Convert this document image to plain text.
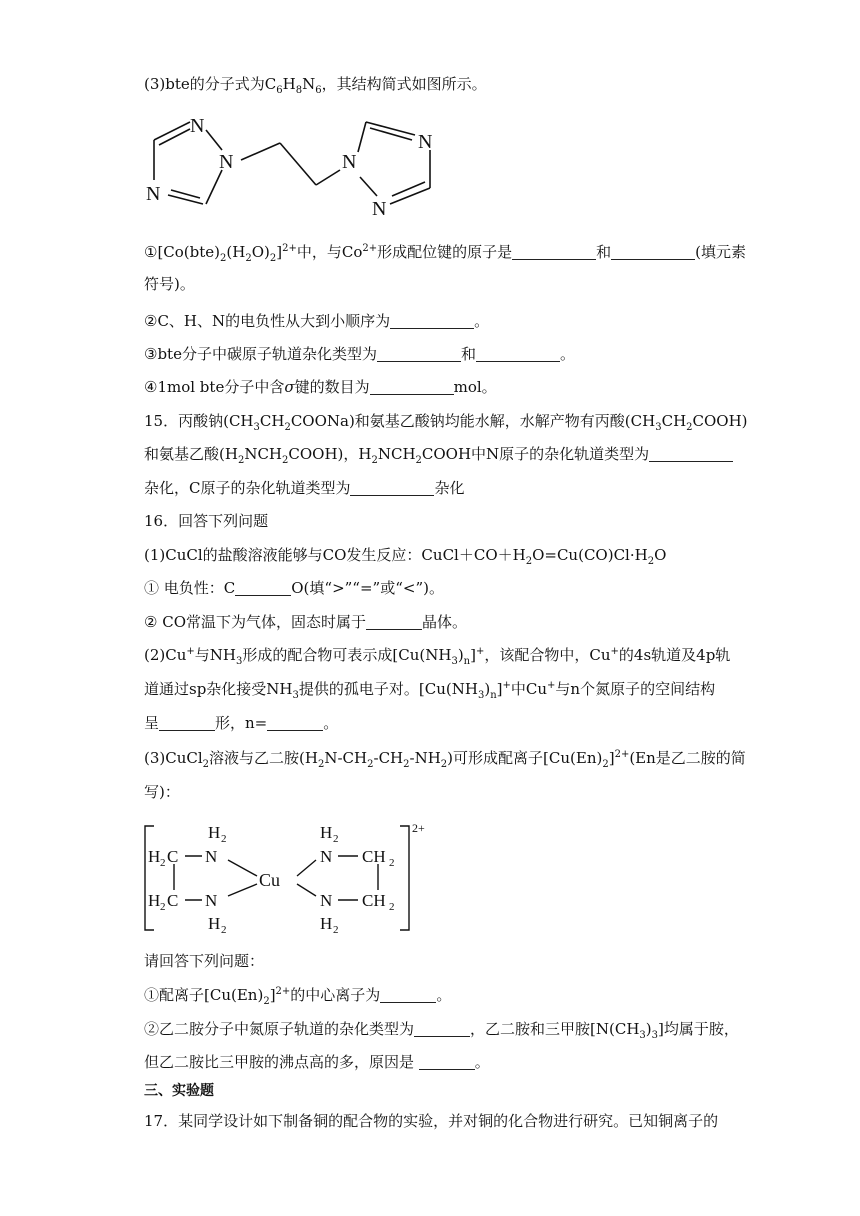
(3)bte的分子式为$C_6H_8N_6$，其结构简式如图所示。
N
N
N
N
N
N
$①[Co(bte)_2(H_2O)_2]^{2+}$中，与$Co^{2+}$形成配位键的原子是	和	(填元素
符号)。
②C、H、N的电负性从大到小顺序为	。
③bte分子中碳原子轨道杂化类型为	和	。
④1mol bte分子中含σ键的数目为	mol。
15．丙酸钠$(CH_3CH_2COONa)$和氨基乙酸钠均能水解，水解产物有丙酸$(CH_3CH_2COOH)$
和氨基乙酸$(H_2NCH_2COOH)$，$H_2NCH_2COOH$中N原子的杂化轨道类型为
杂化，C原子的杂化轨道类型为	杂化
16．回答下列问题
(1)CuCl的盐酸溶液能够与CO发生反应：$CuCl+CO+H_2O=Cu(CO)Cl\cdot H_2O$
① 电负性：C	O(填“>”“=”或“<”)。
② CO常温下为气体，固态时属于	晶体。
(2)Cu+与$NH_3$形成的配合物可表示成$[Cu(NH_3)_n]^+$，该配合物中，Cu+的4s轨道及4p轨
道通过sp杂化接受$NH_3$提供的孤电子对。$[Cu(NH_3)_n]^+$中Cu+与n个氮原子的空间结构
呈	形，n=	。
(3)CuCl$_2$溶液与乙二胺$(H_2N-CH_2-CH_2-NH_2)$可形成配离子$[Cu(En)_2]^{2+}(En$是乙二胺的简
写)：
H 2
H 2 C N
Cu
H 2 C N
H 2
H 2
N CH 2
N CH 2
H 2
2+
请回答下列问题：
①配离子$[Cu(En)_2]^{2+}$的中心离子为	。
②乙二胺分子中氮原子轨道的杂化类型为	，乙二胺和三甲胺$[N(CH_3)_3]$均属于胺，
但乙二胺比三甲胺的沸点高的多，原因是	。
三、实验题
17．某同学设计如下制备铜的配合物的实验，并对铜的化合物进行研究。已知铜离子的
